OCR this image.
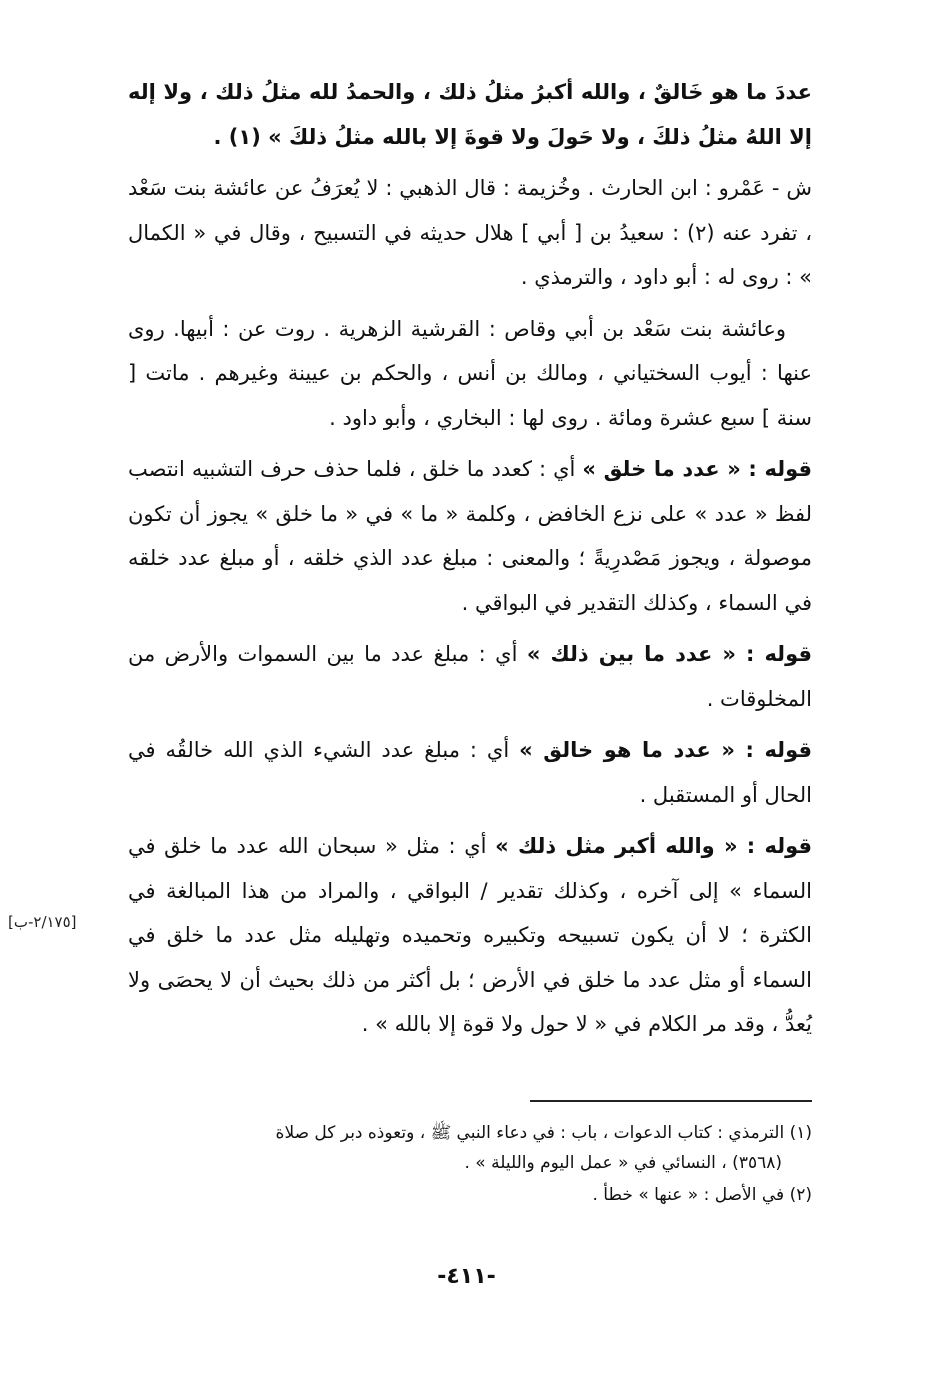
عددَ ما هو خَالقٌ ، والله أكبرُ مثلُ ذلك ، والحمدُ لله مثلُ ذلك ، ولا إله إلا اللهُ مثلُ ذلكَ ، ولا حَولَ ولا قوةَ إلا بالله مثلُ ذلكَ » (١) .

ش - عَمْرو : ابن الحارث . وخُزيمة : قال الذهبي : لا يُعرَفُ عن عائشة بنت سَعْد ، تفرد عنه (٢) : سعيدُ بن [ أبي ] هلال حديثه في التسبيح ، وقال في « الكمال » : روى له : أبو داود ، والترمذي .

وعائشة بنت سَعْد بن أبي وقاص : القرشية الزهرية . روت عن : أبيها. روى عنها : أيوب السختياني ، ومالك بن أنس ، والحكم بن عيينة وغيرهم . ماتت [ سنة ] سبع عشرة ومائة . روى لها : البخاري ، وأبو داود .

قوله : « عدد ما خلق » أي : كعدد ما خلق ، فلما حذف حرف التشبيه انتصب لفظ « عدد » على نزع الخافض ، وكلمة « ما » في « ما خلق » يجوز أن تكون موصولة ، ويجوز مَصْدرِيةً ؛ والمعنى : مبلغ عدد الذي خلقه ، أو مبلغ عدد خلقه في السماء ، وكذلك التقدير في البواقي .

قوله : « عدد ما بين ذلك » أي : مبلغ عدد ما بين السموات والأرض من المخلوقات .

قوله : « عدد ما هو خالق » أي : مبلغ عدد الشيء الذي الله خالقُه في الحال أو المستقبل .

قوله : « والله أكبر مثل ذلك » أي : مثل « سبحان الله عدد ما خلق في السماء » إلى آخره ، وكذلك تقدير / البواقي ، والمراد من هذا المبالغة في الكثرة ؛ لا أن يكون تسبيحه وتكبيره وتحميده وتهليله مثل عدد ما خلق في السماء أو مثل عدد ما خلق في الأرض ؛ بل أكثر من ذلك بحيث أن لا يحصَى ولا يُعدُّ ، وقد مر الكلام في « لا حول ولا قوة إلا بالله » .

[٢/١٧٥-ب]

(١) الترمذي : كتاب الدعوات ، باب : في دعاء النبي ﷺ ، وتعوذه دبر كل صلاة
(٣٥٦٨) ، النسائي في « عمل اليوم والليلة » .

(٢) في الأصل : « عنها » خطأ .

-٤١١-
